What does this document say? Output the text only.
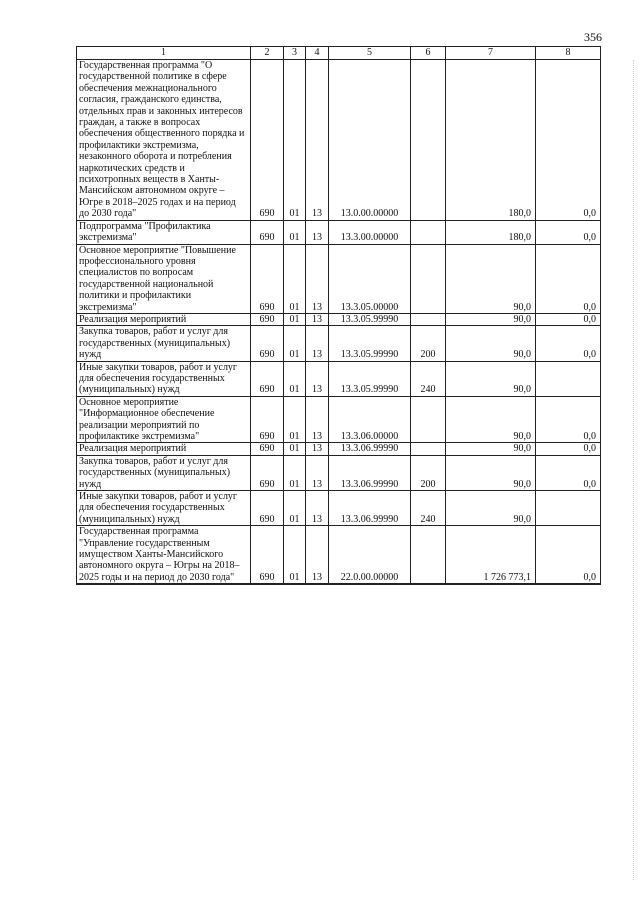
356
1	2	3	4	5	6	7	8
Государственная программа "О государственной политике в сфере обеспечения межнационального согласия, гражданского единства, отдельных прав и законных интересов граждан, а также в вопросах обеспечения общественного порядка и профилактики экстремизма, незаконного оборота и потребления наркотических средств и психотропных веществ в Ханты-Мансийском автономном округе – Югре в 2018–2025 годах и на период до 2030 года"	690	01	13	13.0.00.00000		180,0	0,0
Подпрограмма "Профилактика экстремизма"	690	01	13	13.3.00.00000		180,0	0,0
Основное мероприятие "Повышение профессионального уровня специалистов по вопросам государственной национальной политики и профилактики экстремизма"	690	01	13	13.3.05.00000		90,0	0,0
Реализация мероприятий	690	01	13	13.3.05.99990		90,0	0,0
Закупка товаров, работ и услуг для государственных (муниципальных) нужд	690	01	13	13.3.05.99990	200	90,0	0,0
Иные закупки товаров, работ и услуг для обеспечения государственных (муниципальных) нужд	690	01	13	13.3.05.99990	240	90,0	
Основное мероприятие "Информационное обеспечение реализации мероприятий по профилактике экстремизма"	690	01	13	13.3.06.00000		90,0	0,0
Реализация мероприятий	690	01	13	13.3.06.99990		90,0	0,0
Закупка товаров, работ и услуг для государственных (муниципальных) нужд	690	01	13	13.3.06.99990	200	90,0	0,0
Иные закупки товаров, работ и услуг для обеспечения государственных (муниципальных) нужд	690	01	13	13.3.06.99990	240	90,0	
Государственная программа "Управление государственным имуществом Ханты-Мансийского автономного округа – Югры на 2018–2025 годы и на период до 2030 года"	690	01	13	22.0.00.00000		1 726 773,1	0,0
